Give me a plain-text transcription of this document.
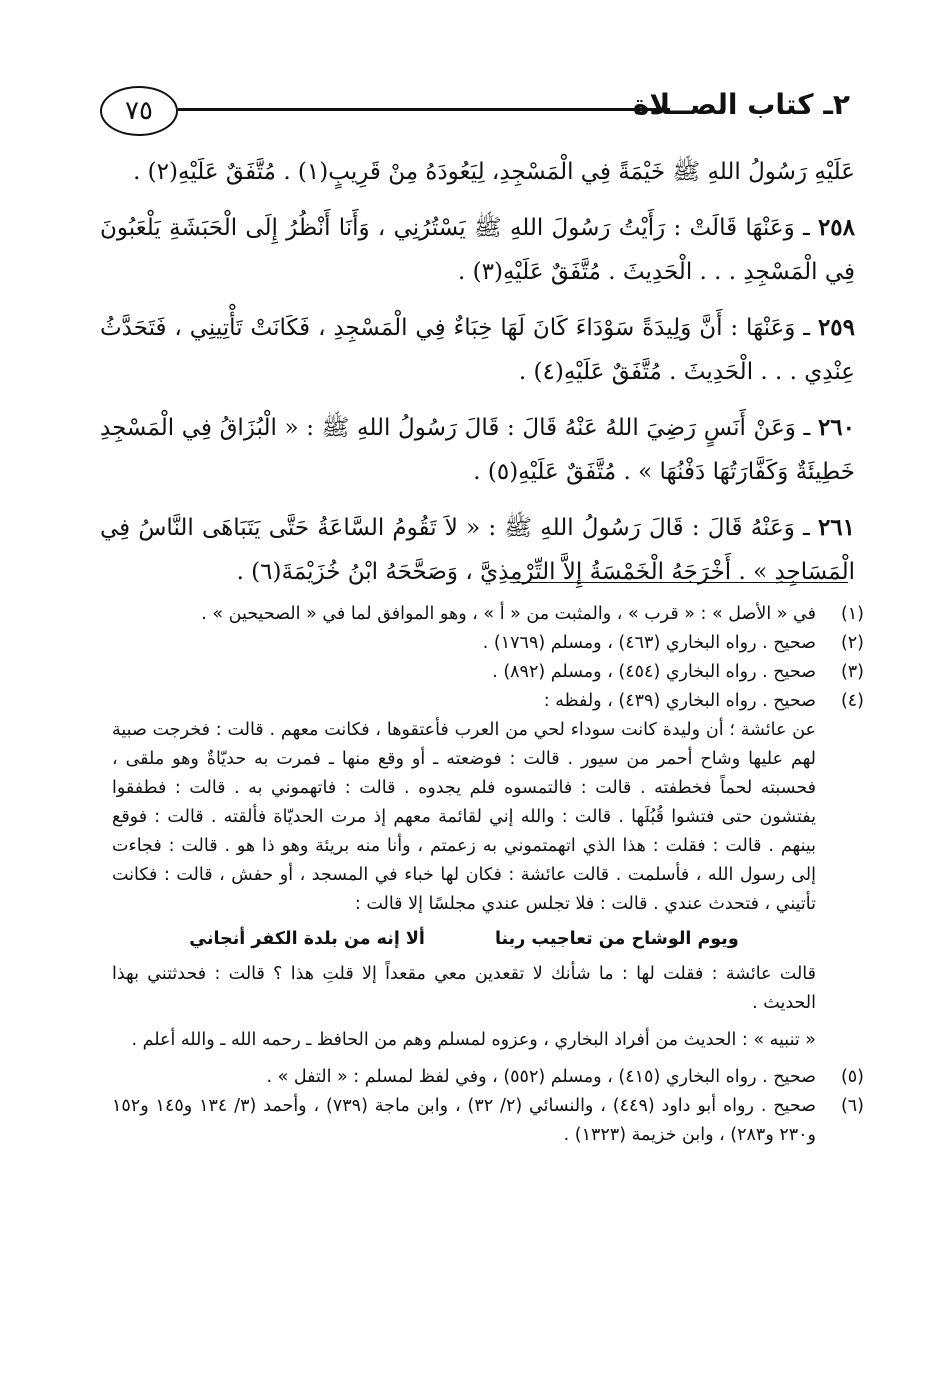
٧٥	٢ـ كتاب الصــلاة

عَلَيْهِ رَسُولُ اللهِ ﷺ خَيْمَةً فِي الْمَسْجِدِ، لِيَعُودَهُ مِنْ قَرِيبٍ(١) . مُتَّفَقٌ عَلَيْهِ(٢) .

٢٥٨ ـ وَعَنْهَا قَالَتْ : رَأَيْتُ رَسُولَ اللهِ ﷺ يَسْتُرُنِي ، وَأَنَا أَنْظُرُ إِلَى الْحَبَشَةِ يَلْعَبُونَ فِي الْمَسْجِدِ . . . الْحَدِيثَ . مُتَّفَقٌ عَلَيْهِ(٣) .

٢٥٩ ـ وَعَنْهَا : أَنَّ وَلِيدَةً سَوْدَاءَ كَانَ لَهَا خِبَاءٌ فِي الْمَسْجِدِ ، فَكَانَتْ تَأْتِينِي ، فَتَحَدَّثُ عِنْدِي . . . الْحَدِيثَ . مُتَّفَقٌ عَلَيْهِ(٤) .

٢٦٠ ـ وَعَنْ أَنَسٍ رَضِيَ اللهُ عَنْهُ قَالَ : قَالَ رَسُولُ اللهِ ﷺ : « الْبُزَاقُ فِي الْمَسْجِدِ خَطِيئَةٌ وَكَفَّارَتُهَا دَفْنُهَا » . مُتَّفَقٌ عَلَيْهِ(٥) .

٢٦١ ـ وَعَنْهُ قَالَ : قَالَ رَسُولُ اللهِ ﷺ : « لاَ تَقُومُ السَّاعَةُ حَتَّى يَتَبَاهَى النَّاسُ فِي الْمَسَاجِدِ » . أَخْرَجَهُ الْخَمْسَةُ إِلاَّ التِّرْمِذِيَّ ، وَصَحَّحَهُ ابْنُ خُزَيْمَةَ(٦) .

(١)
في « الأصل » : « قرب » ، والمثبت من « أ » ، وهو الموافق لما في « الصحيحين » .
(٢)
صحيح . رواه البخاري (٤٦٣) ، ومسلم (١٧٦٩) .
(٣)
صحيح . رواه البخاري (٤٥٤) ، ومسلم (٨٩٢) .
(٤)
صحيح . رواه البخاري (٤٣٩) ، ولفظه :
عن عائشة ؛ أن وليدة كانت سوداء لحي من العرب فأعتقوها ، فكانت معهم . قالت : فخرجت صبية لهم عليها وشاح أحمر من سيور . قالت : فوضعته ـ أو وقع منها ـ فمرت به حديّاةٌ وهو ملقى ، فحسبته لحماً فخطفته . قالت : فالتمسوه فلم يجدوه . قالت : فاتهموني به . قالت : فطفقوا يفتشون حتى فتشوا قُبُلَها . قالت : والله إني لقائمة معهم إذ مرت الحديّاة فألقته . قالت : فوقع بينهم . قالت : فقلت : هذا الذي اتهمتموني به زعمتم ، وأنا منه بريئة وهو ذا هو . قالت : فجاءت إلى رسول الله ، فأسلمت . قالت عائشة : فكان لها خباء في المسجد ، أو حفش ، قالت : فكانت تأتيني ، فتحدث عندي . قالت : فلا تجلس عندي مجلسًا إلا قالت :
ويوم الوشاح من تعاجيب ربنا
ألا إنه من بلدة الكفر أنجاني
قالت عائشة : فقلت لها : ما شأنك لا تقعدين معي مقعداً إلا قلتِ هذا ؟ قالت : فحدثتني بهذا الحديث .
« تنبيه » : الحديث من أفراد البخاري ، وعزوه لمسلم وهم من الحافظ ـ رحمه الله ـ والله أعلم .
(٥)
صحيح . رواه البخاري (٤١٥) ، ومسلم (٥٥٢) ، وفي لفظ لمسلم : « التفل » .
(٦)
صحيح . رواه أبو داود (٤٤٩) ، والنسائي (٢/ ٣٢) ، وابن ماجة (٧٣٩) ، وأحمد (٣/ ١٣٤ و١٤٥ و١٥٢ و٢٣٠ و٢٨٣) ، وابن خزيمة (١٣٢٣) .
